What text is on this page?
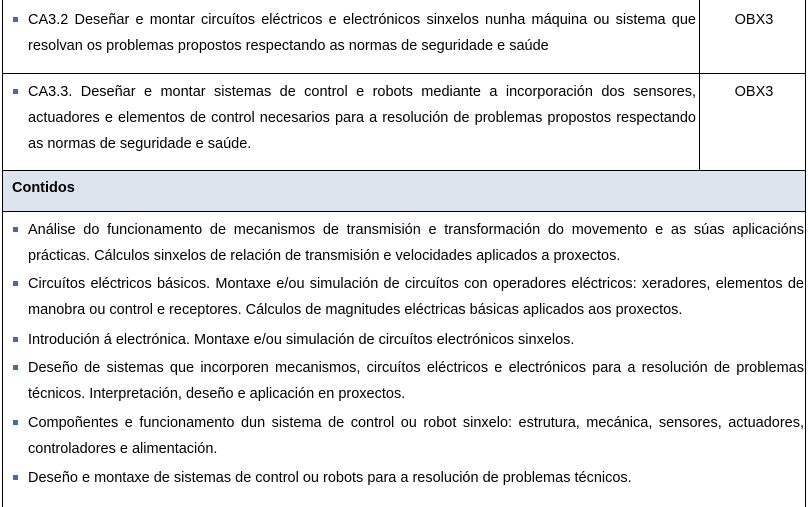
CA3.2 Deseñar e montar circuítos eléctricos e electrónicos sinxelos nunha máquina ou sistema que resolvan os problemas propostos respectando as normas de seguridade e saúde
OBX3
CA3.3. Deseñar e montar sistemas de control e robots mediante a incorporación dos sensores, actuadores e elementos de control necesarios para a resolución de problemas propostos respectando as normas de seguridade e saúde.
OBX3
Contidos
Análise do funcionamento de mecanismos de transmisión e transformación do movemento e as súas aplicacións prácticas. Cálculos sinxelos de relación de transmisión e velocidades aplicados a proxectos.
Circuítos eléctricos básicos. Montaxe e/ou simulación de circuítos con operadores eléctricos: xeradores, elementos de manobra ou control e receptores. Cálculos de magnitudes eléctricas básicas aplicados aos proxectos.
Introdución á electrónica. Montaxe e/ou simulación de circuítos electrónicos sinxelos.
Deseño de sistemas que incorporen mecanismos, circuítos eléctricos e electrónicos para a resolución de problemas técnicos. Interpretación, deseño e aplicación en proxectos.
Compoñentes e funcionamento dun sistema de control ou robot sinxelo: estrutura, mecánica, sensores, actuadores, controladores e alimentación.
Deseño e montaxe de sistemas de control ou robots para a resolución de problemas técnicos.
